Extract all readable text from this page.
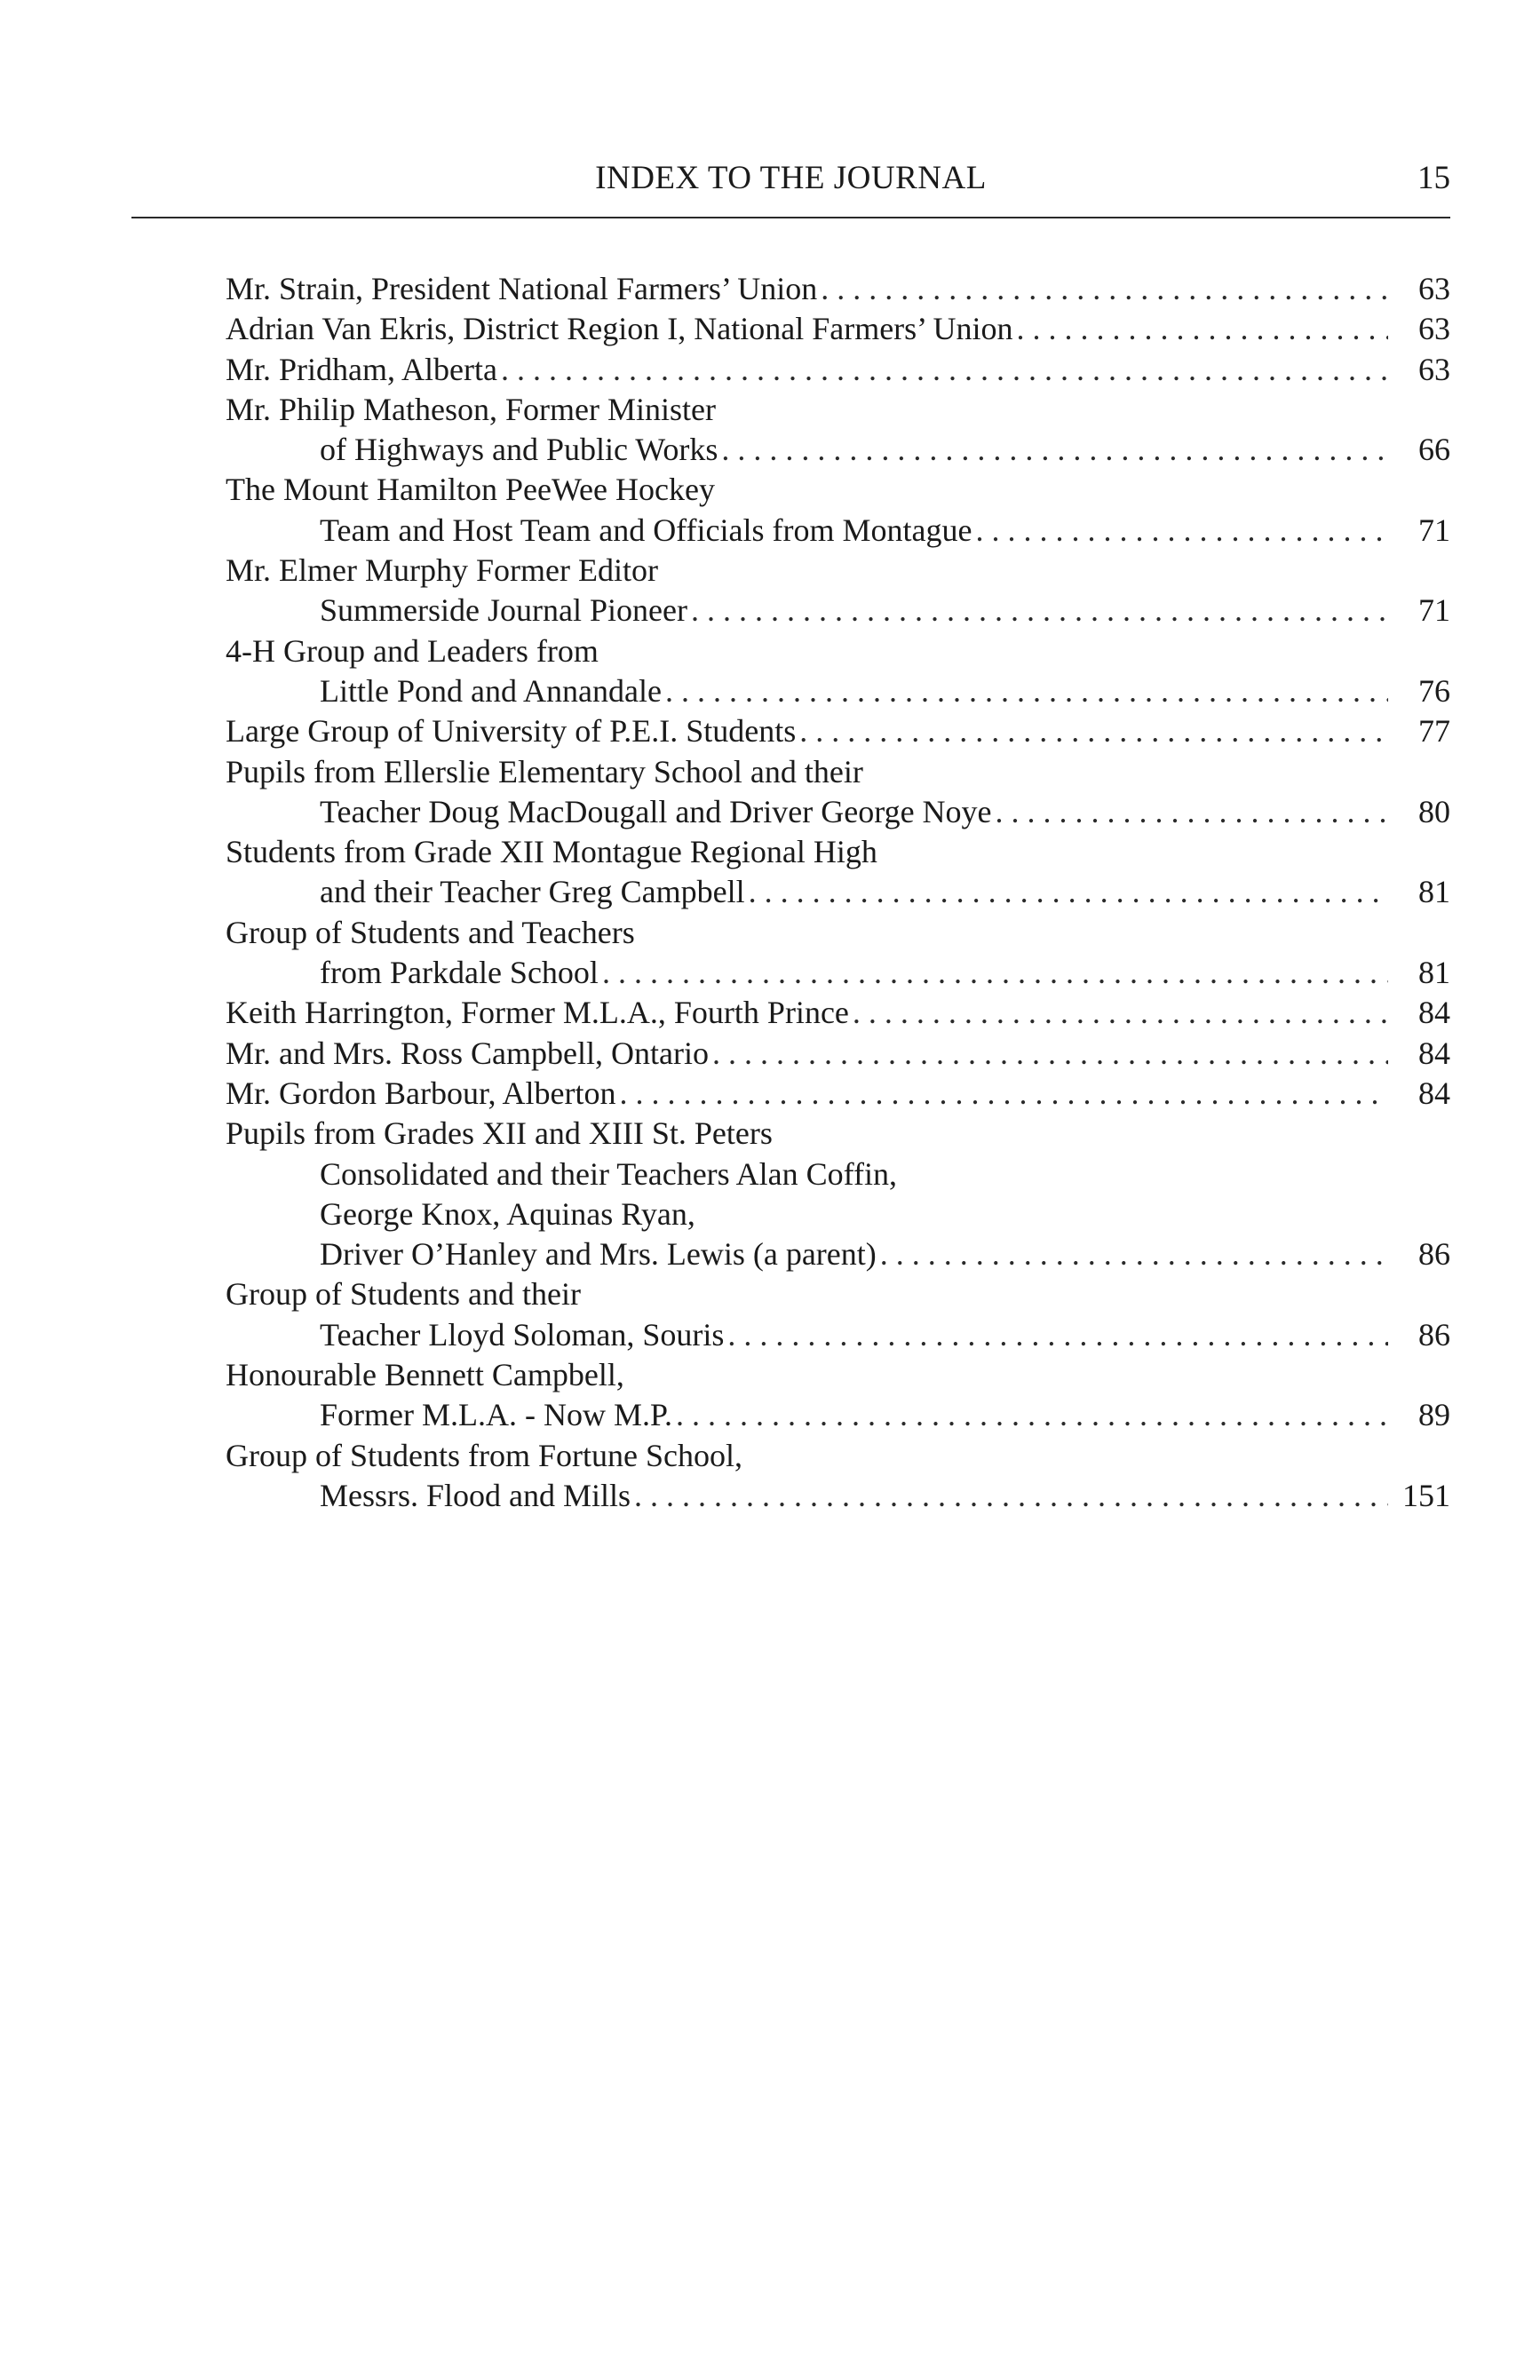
INDEX TO THE JOURNAL	15
Mr. Strain, President National Farmers’ Union . . .	63
Adrian Van Ekris, District Region I, National Farmers’ Union . . .	63
Mr. Pridham, Alberta . . .	63
Mr. Philip Matheson, Former Minister
of Highways and Public Works . . .	66
The Mount Hamilton PeeWee Hockey
Team and Host Team and Officials from Montague . . .	71
Mr. Elmer Murphy Former Editor
Summerside Journal Pioneer . . .	71
4-H Group and Leaders from
Little Pond and Annandale . . .	76
Large Group of University of P.E.I. Students . . .	77
Pupils from Ellerslie Elementary School and their
Teacher Doug MacDougall and Driver George Noye . . .	80
Students from Grade XII Montague Regional High
and their Teacher Greg Campbell . . .	81
Group of Students and Teachers
from Parkdale School . . .	81
Keith Harrington, Former M.L.A., Fourth Prince . . .	84
Mr. and Mrs. Ross Campbell, Ontario . . .	84
Mr. Gordon Barbour, Alberton . . .	84
Pupils from Grades XII and XIII St. Peters
Consolidated and their Teachers Alan Coffin,
George Knox, Aquinas Ryan,
Driver O’Hanley and Mrs. Lewis (a parent) . . .	86
Group of Students and their
Teacher Lloyd Soloman, Souris . . .	86
Honourable Bennett Campbell,
Former M.L.A. - Now M.P. . . .	89
Group of Students from Fortune School,
Messrs. Flood and Mills . . .	151
